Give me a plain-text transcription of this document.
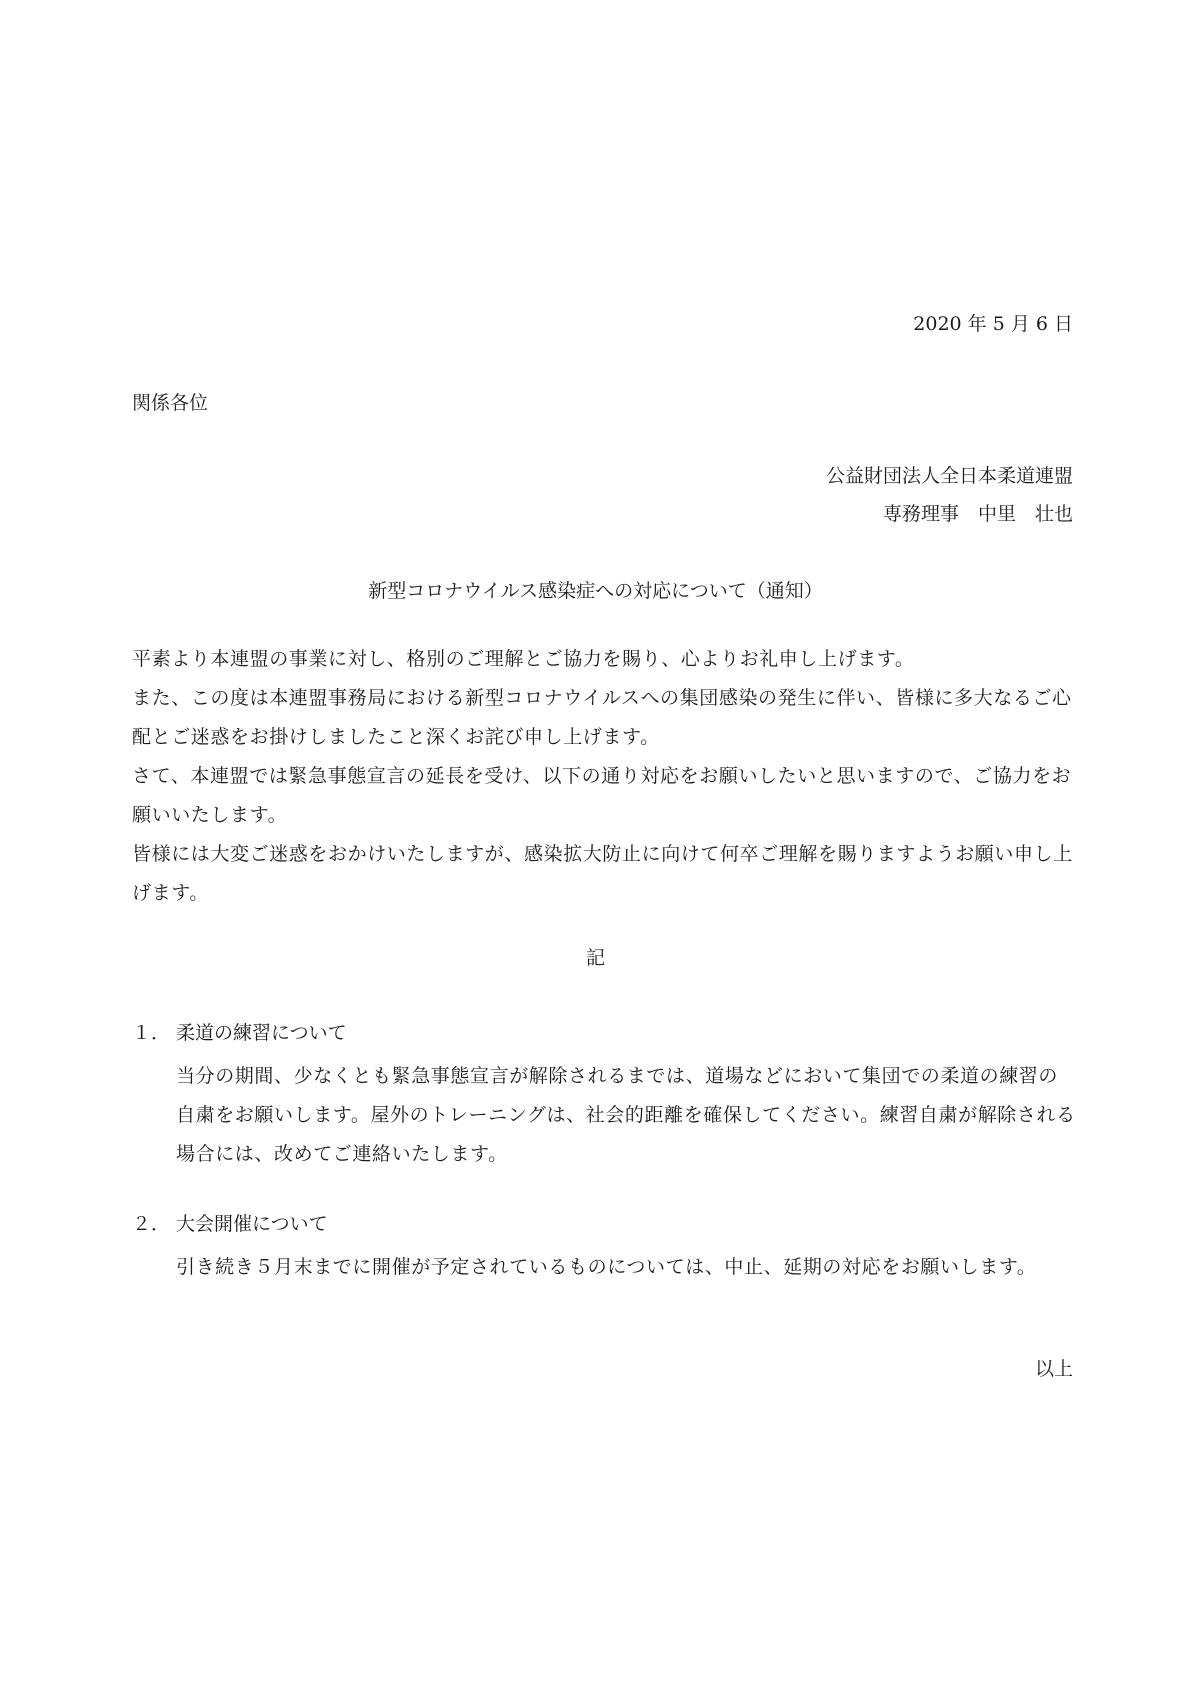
2020 年 5 月 6 日
関係各位
公益財団法人全日本柔道連盟
専務理事　中里　壮也
新型コロナウイルス感染症への対応について（通知）
平素より本連盟の事業に対し、格別のご理解とご協力を賜り、心よりお礼申し上げます。
また、この度は本連盟事務局における新型コロナウイルスへの集団感染の発生に伴い、皆様に多大なるご心配とご迷惑をお掛けしましたこと深くお詫び申し上げます。
さて、本連盟では緊急事態宣言の延長を受け、以下の通り対応をお願いしたいと思いますので、ご協力をお願いいたします。
皆様には大変ご迷惑をおかけいたしますが、感染拡大防止に向けて何卒ご理解を賜りますようお願い申し上げます。
記
１． 柔道の練習について
当分の期間、少なくとも緊急事態宣言が解除されるまでは、道場などにおいて集団での柔道の練習の自粛をお願いします。屋外のトレーニングは、社会的距離を確保してください。練習自粛が解除される場合には、改めてご連絡いたします。
２． 大会開催について
引き続き５月末までに開催が予定されているものについては、中止、延期の対応をお願いします。
以上
